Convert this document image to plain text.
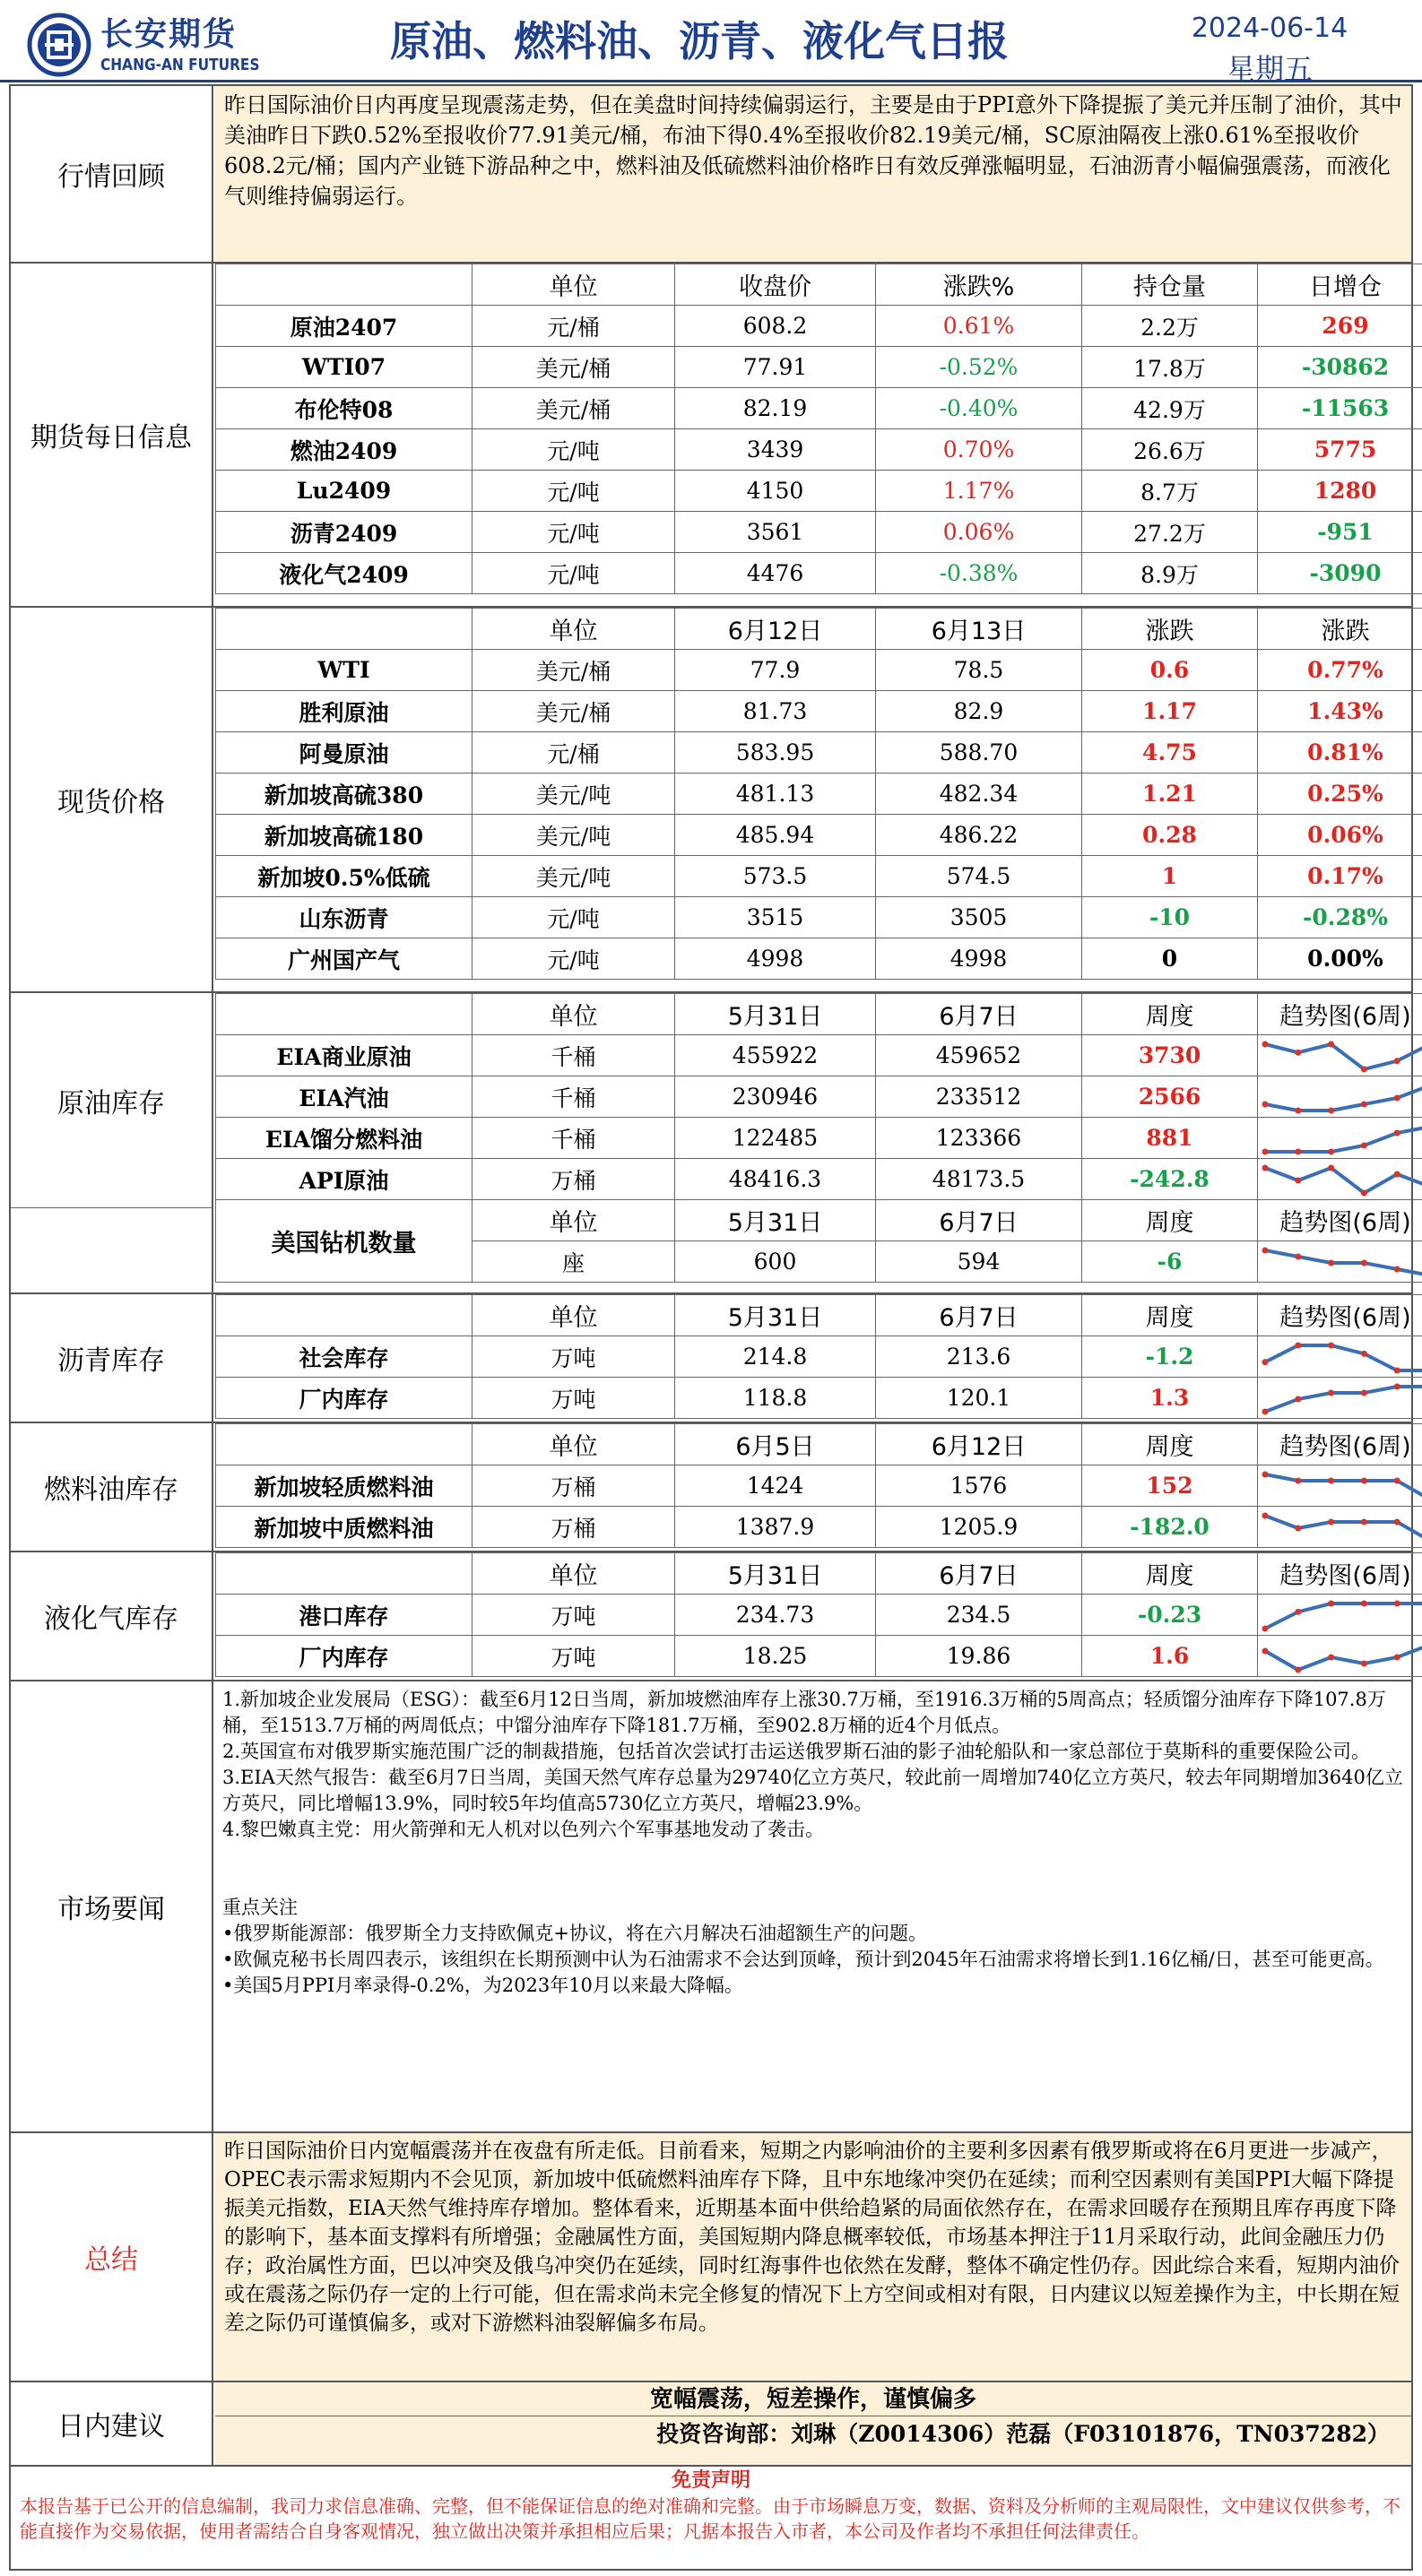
长安期货
CHANG-AN FUTURES	原油、燃料油、沥青、液化气日报	2024-06-14
星期五
行情回顾
昨日国际油价日内再度呈现震荡走势，但在美盘时间持续偏弱运行，主要是由于PPI意外下降提振了美元并压制了油价，其中美油昨日下跌0.52%至报收价77.91美元/桶，布油下得0.4%至报收价82.19美元/桶，SC原油隔夜上涨0.61%至报收价608.2元/桶；国内产业链下游品种之中，燃料油及低硫燃料油价格昨日有效反弹涨幅明显，石油沥青小幅偏强震荡，而液化气则维持偏弱运行。
期货每日信息
	单位	收盘价	涨跌%	持仓量	日增仓
原油2407	元/桶	608.2	0.61%	2.2万	269
WTI07	美元/桶	77.91	-0.52%	17.8万	-30862
布伦特08	美元/桶	82.19	-0.40%	42.9万	-11563
燃油2409	元/吨	3439	0.70%	26.6万	5775
Lu2409	元/吨	4150	1.17%	8.7万	1280
沥青2409	元/吨	3561	0.06%	27.2万	-951
液化气2409	元/吨	4476	-0.38%	8.9万	-3090
现货价格
	单位	6月12日	6月13日	涨跌	涨跌
WTI	美元/桶	77.9	78.5	0.6	0.77%
胜利原油	美元/桶	81.73	82.9	1.17	1.43%
阿曼原油	元/桶	583.95	588.70	4.75	0.81%
新加坡高硫380	美元/吨	481.13	482.34	1.21	0.25%
新加坡高硫180	美元/吨	485.94	486.22	0.28	0.06%
新加坡0.5%低硫	美元/吨	573.5	574.5	1	0.17%
山东沥青	元/吨	3515	3505	-10	-0.28%
广州国产气	元/吨	4998	4998	0	0.00%
原油库存
	单位	5月31日	6月7日	周度	趋势图(6周)
EIA商业原油	千桶	455922	459652	3730	

EIA汽油	千桶	230946	233512	2566	

EIA馏分燃料油	千桶	122485	123366	881	

API原油	万桶	48416.3	48173.5	-242.8	

美国钻机数量	单位	5月31日	6月7日	周度	趋势图(6周)
	座	600	594	-6	
沥青库存
	单位	5月31日	6月7日	周度	趋势图(6周)
社会库存	万吨	214.8	213.6	-1.2	

厂内库存	万吨	118.8	120.1	1.3	
燃料油库存
	单位	6月5日	6月12日	周度	趋势图(6周)
新加坡轻质燃料油	万桶	1424	1576	152	

新加坡中质燃料油	万桶	1387.9	1205.9	-182.0	
液化气库存
	单位	5月31日	6月7日	周度	趋势图(6周)
港口库存	万吨	234.73	234.5	-0.23	

厂内库存	万吨	18.25	19.86	1.6	
市场要闻

1.新加坡企业发展局（ESG）：截至6月12日当周，新加坡燃油库存上涨30.7万桶，至1916.3万桶的5周高点；轻质馏分油库存下降107.8万桶，至1513.7万桶的两周低点；中馏分油库存下降181.7万桶，至902.8万桶的近4个月低点。

2.英国宣布对俄罗斯实施范围广泛的制裁措施，包括首次尝试打击运送俄罗斯石油的影子油轮船队和一家总部位于莫斯科的重要保险公司。

3.EIA天然气报告：截至6月7日当周，美国天然气库存总量为29740亿立方英尺，较此前一周增加740亿立方英尺，较去年同期增加3640亿立方英尺，同比增幅13.9%，同时较5年均值高5730亿立方英尺，增幅23.9%。

4.黎巴嫩真主党：用火箭弹和无人机对以色列六个军事基地发动了袭击。

重点关注

•俄罗斯能源部：俄罗斯全力支持欧佩克+协议，将在六月解决石油超额生产的问题。

•欧佩克秘书长周四表示，该组织在长期预测中认为石油需求不会达到顶峰，预计到2045年石油需求将增长到1.16亿桶/日，甚至可能更高。

•美国5月PPI月率录得-0.2%，为2023年10月以来最大降幅。

总结
昨日国际油价日内宽幅震荡并在夜盘有所走低。目前看来，短期之内影响油价的主要利多因素有俄罗斯或将在6月更进一步减产，OPEC表示需求短期内不会见顶，新加坡中低硫燃料油库存下降，且中东地缘冲突仍在延续；而利空因素则有美国PPI大幅下降提振美元指数，EIA天然气维持库存增加。整体看来，近期基本面中供给趋紧的局面依然存在，在需求回暖存在预期且库存再度下降的影响下，基本面支撑料有所增强；金融属性方面，美国短期内降息概率较低，市场基本押注于11月采取行动，此间金融压力仍存；政治属性方面，巴以冲突及俄乌冲突仍在延续，同时红海事件也依然在发酵，整体不确定性仍存。因此综合来看，短期内油价或在震荡之际仍存一定的上行可能，但在需求尚未完全修复的情况下上方空间或相对有限，日内建议以短差操作为主，中长期在短差之际仍可谨慎偏多，或对下游燃料油裂解偏多布局。
日内建议
宽幅震荡，短差操作，谨慎偏多
投资咨询部：刘琳（Z0014306）范磊（F03101876，TN037282）
免责声明
本报告基于已公开的信息编制，我司力求信息准确、完整，但不能保证信息的绝对准确和完整。由于市场瞬息万变，数据、资料及分析师的主观局限性，文中建议仅供参考，不能直接作为交易依据，使用者需结合自身客观情况，独立做出决策并承担相应后果；凡据本报告入市者，本公司及作者均不承担任何法律责任。
